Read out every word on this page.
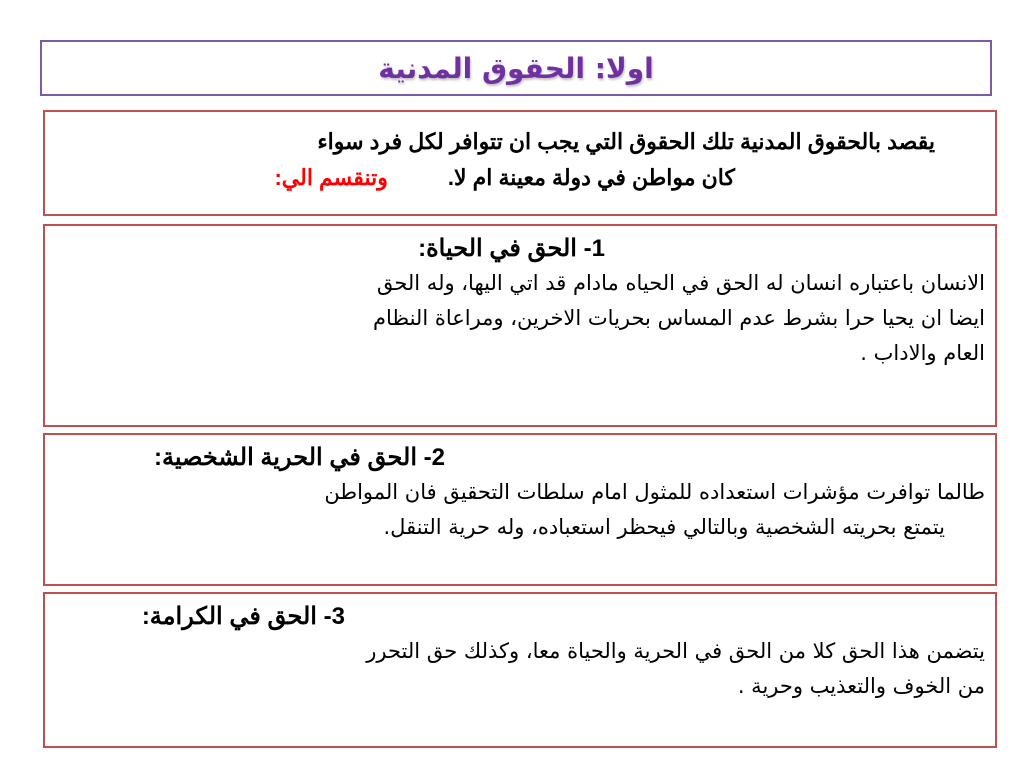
اولا: الحقوق المدنية
يقصد بالحقوق المدنية تلك الحقوق التي يجب ان تتوافر لكل فرد سواء
كان مواطن في دولة معينة ام لا.وتنقسم الي:
1- الحق في الحياة:
الانسان باعتباره انسان له الحق في الحياه مادام قد اتي اليها، وله الحق
ايضا ان يحيا حرا بشرط عدم المساس بحريات الاخرين، ومراعاة النظام
العام والاداب .
2- الحق في الحرية الشخصية:
طالما توافرت مؤشرات استعداده للمثول امام سلطات التحقيق فان المواطن
يتمتع بحريته الشخصية وبالتالي فيحظر استعباده، وله حرية التنقل.
3- الحق في الكرامة:
يتضمن هذا الحق كلا من الحق في الحرية والحياة معا، وكذلك حق التحرر
من الخوف والتعذيب وحرية .
